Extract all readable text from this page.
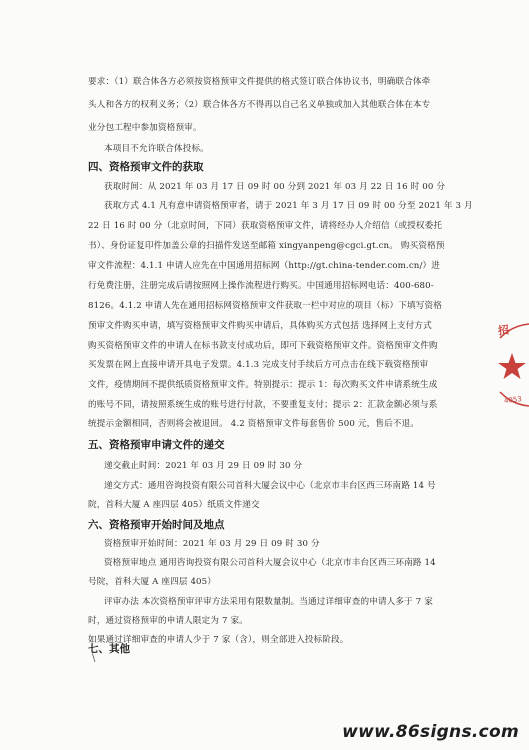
要求：（1）联合体各方必须按资格预审文件提供的格式签订联合体协议书，明确联合体牵
头人和各方的权利义务；（2）联合体各方不得再以自己名义单独或加入其他联合体在本专
业分包工程中参加资格预审。
本项目不允许联合体投标。
四、资格预审文件的获取
获取时间：从 2021 年 03 月 17 日 09 时 00 分到 2021 年 03 月 22 日 16 时 00 分
获取方式 4.1 凡有意申请资格预审者，请于 2021 年 3 月 17 日 09 时 00 分至 2021 年 3 月
22 日 16 时 00 分（北京时间，下同）获取资格预审文件，请将经办人介绍信（或授权委托
书）、身份证复印件加盖公章的扫描件发送至邮箱 xingyanpeng@cgci.gt.cn。 购买资格预
审文件流程：4.1.1 申请人应先在中国通用招标网（http://gt.china-tender.com.cn/）进
行免费注册，注册完成后请按照网上操作流程进行购买。中国通用招标网电话：400-680-
8126。4.1.2 申请人先在通用招标网资格预审文件获取一栏中对应的项目（标）下填写资格
预审文件购买申请，填写资格预审文件购买申请后，具体购买方式包括 选择网上支付方式
购买资格预审文件的申请人在标书款支付成功后，即可下载资格预审文件。资格预审文件购
买发票在网上直接申请开具电子发票。4.1.3 完成支付手续后方可点击在线下载资格预审
文件，疫情期间不提供纸质资格预审文件。特别提示：提示 1：每次购买文件申请系统生成
的账号不同，请按照系统生成的账号进行付款，不要重复支付；提示 2：汇款金额必须与系
统提示金额相同，否则将会被退回。 4.2 资格预审文件每套售价 500 元，售后不退。
五、资格预审申请文件的递交
递交截止时间：2021 年 03 月 29 日 09 时 30 分
递交方式：通用咨询投资有限公司首科大厦会议中心（北京市丰台区西三环南路 14 号
院，首科大厦 A 座四层 405）纸质文件递交
六、资格预审开始时间及地点
资格预审开始时间：2021 年 03 月 29 日 09 时 30 分
资格预审地点 通用咨询投资有限公司首科大厦会议中心（北京市丰台区西三环南路 14
号院，首科大厦 A 座四层 405）
评审办法 本次资格预审评审方法采用有限数量制。当通过详细审查的申请人多于 7 家
时，通过资格预审的申请人限定为 7 家。
如果通过详细审查的申请人少于 7 家（含），则全部进入投标阶段。
七、其他
\
招
4053
www.86signs.com
